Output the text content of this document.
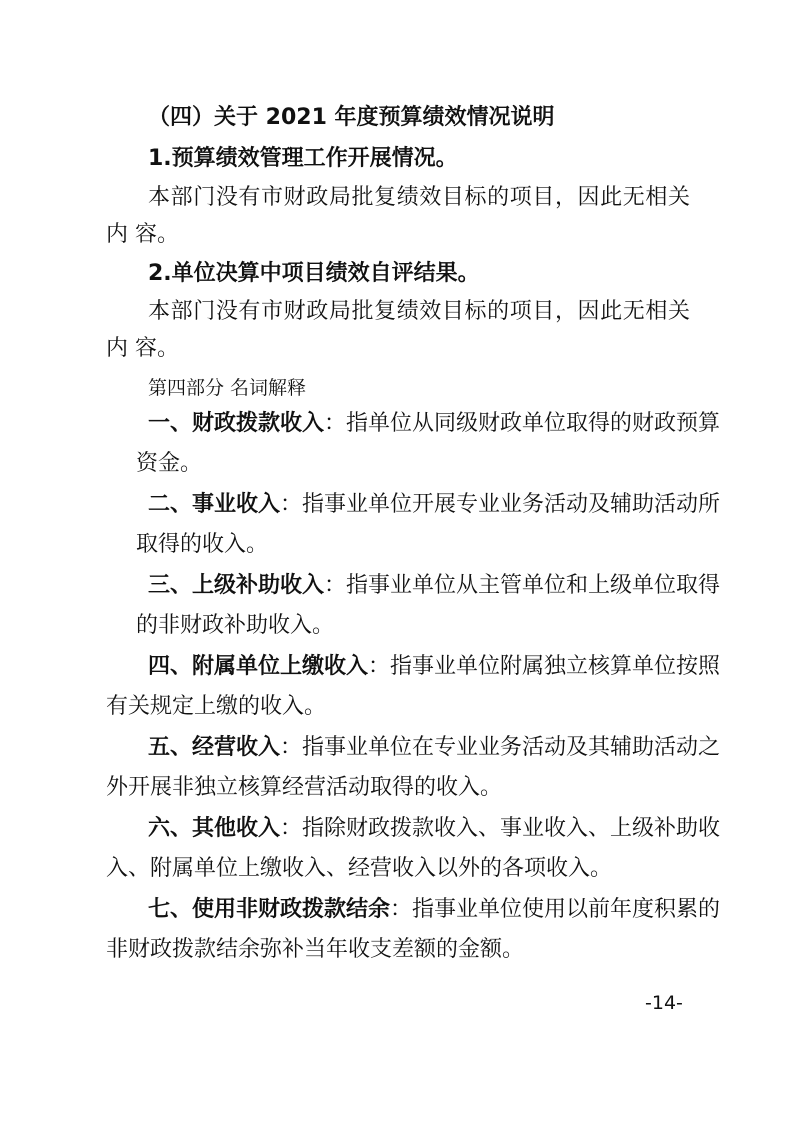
（四）关于 2021 年度预算绩效情况说明
1.预算绩效管理工作开展情况。
本部门没有市财政局批复绩效目标的项目，因此无相关
内 容。
2.单位决算中项目绩效自评结果。
本部门没有市财政局批复绩效目标的项目，因此无相关
内 容。
第四部分 名词解释
一、财政拨款收入：指单位从同级财政单位取得的财政预算
资金。
二、事业收入：指事业单位开展专业业务活动及辅助活动所
取得的收入。
三、上级补助收入：指事业单位从主管单位和上级单位取得
的非财政补助收入。
四、附属单位上缴收入：指事业单位附属独立核算单位按照
有关规定上缴的收入。
五、经营收入：指事业单位在专业业务活动及其辅助活动之
外开展非独立核算经营活动取得的收入。
六、其他收入：指除财政拨款收入、事业收入、上级补助收
入、附属单位上缴收入、经营收入以外的各项收入。
七、使用非财政拨款结余：指事业单位使用以前年度积累的
非财政拨款结余弥补当年收支差额的金额。
-14-
